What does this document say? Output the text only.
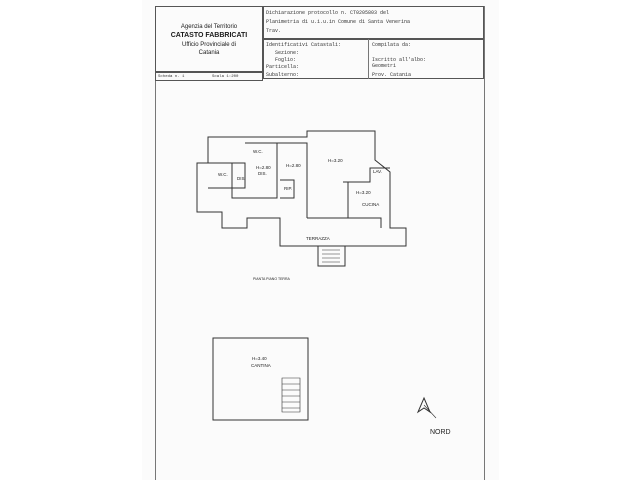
Agenzia del Territorio
CATASTO FABBRICATI
Ufficio Provinciale di
Catania
Dichiarazione protocollo n. CT0205803 del
Planimetria di u.i.u.in Comune di Santa Venerina
Trav.
Identificativi Catastali:
Sezione:
Foglio:
Particella:
Subalterno:
Compilata da:
Iscritto all'albo:
Geometri
Prov. Catania
Scheda n. 1	Scala 1:200
W.C.
W.C.
H=2.80
DIS.
DIS
H=2.80
H=3.20
LAV.
RIP.
H=3.20
CUCINA
TERRAZZA
PIANTA PIANO TERRA
H=3.40
CANTINA
NORD
